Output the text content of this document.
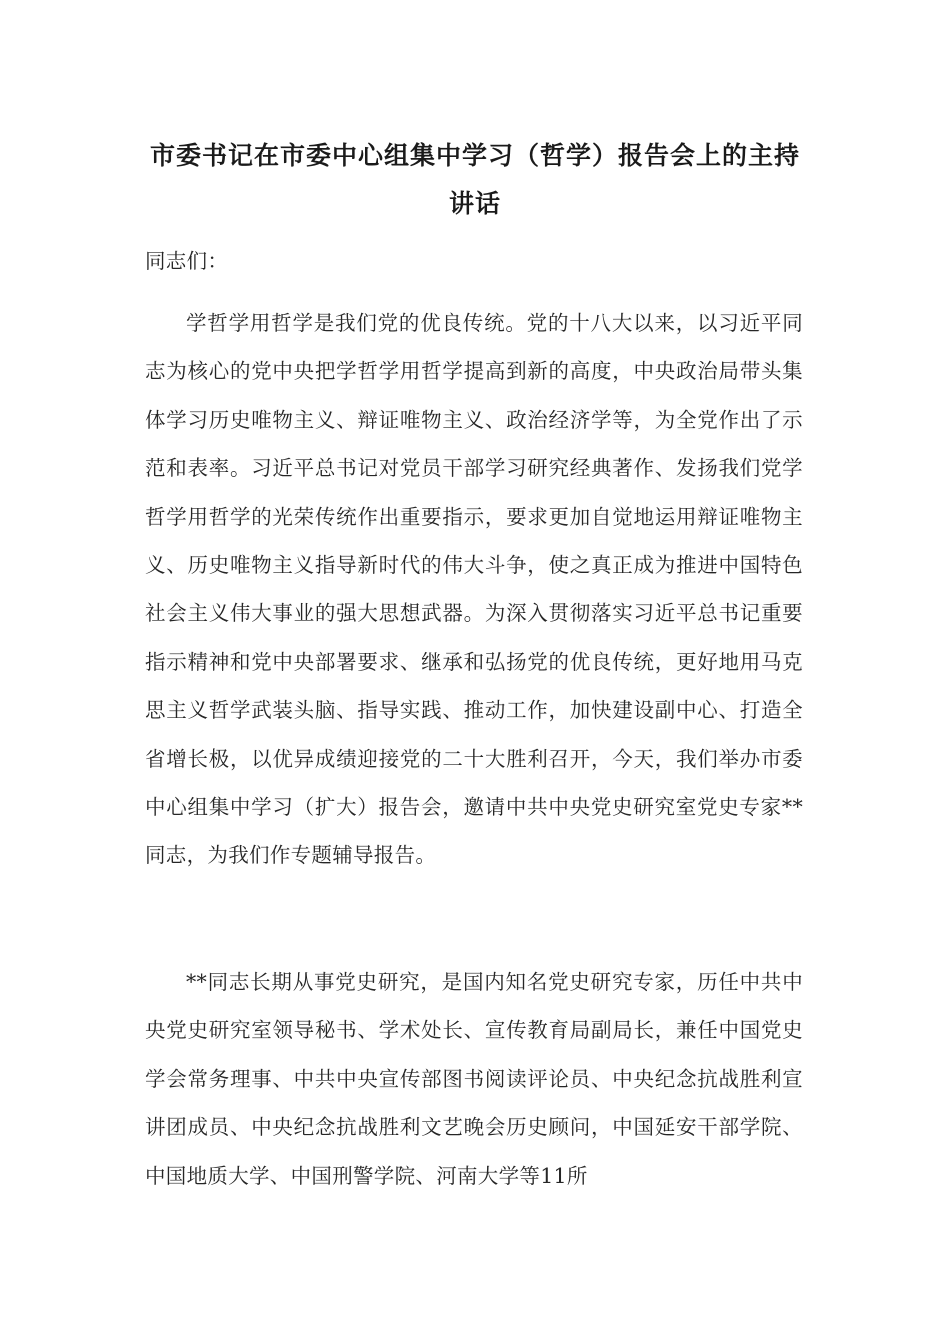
市委书记在市委中心组集中学习（哲学）报告会上的主持讲话

同志们：

学哲学用哲学是我们党的优良传统。党的十八大以来，以习近平同志为核心的党中央把学哲学用哲学提高到新的高度，中央政治局带头集体学习历史唯物主义、辩证唯物主义、政治经济学等，为全党作出了示范和表率。习近平总书记对党员干部学习研究经典著作、发扬我们党学哲学用哲学的光荣传统作出重要指示，要求更加自觉地运用辩证唯物主义、历史唯物主义指导新时代的伟大斗争，使之真正成为推进中国特色社会主义伟大事业的强大思想武器。为深入贯彻落实习近平总书记重要指示精神和党中央部署要求、继承和弘扬党的优良传统，更好地用马克思主义哲学武装头脑、指导实践、推动工作，加快建设副中心、打造全省增长极，以优异成绩迎接党的二十大胜利召开，今天，我们举办市委中心组集中学习（扩大）报告会，邀请中共中央党史研究室党史专家**同志，为我们作专题辅导报告。

**同志长期从事党史研究，是国内知名党史研究专家，历任中共中央党史研究室领导秘书、学术处长、宣传教育局副局长，兼任中国党史学会常务理事、中共中央宣传部图书阅读评论员、中央纪念抗战胜利宣讲团成员、中央纪念抗战胜利文艺晚会历史顾问，中国延安干部学院、中国地质大学、中国刑警学院、河南大学等11所
